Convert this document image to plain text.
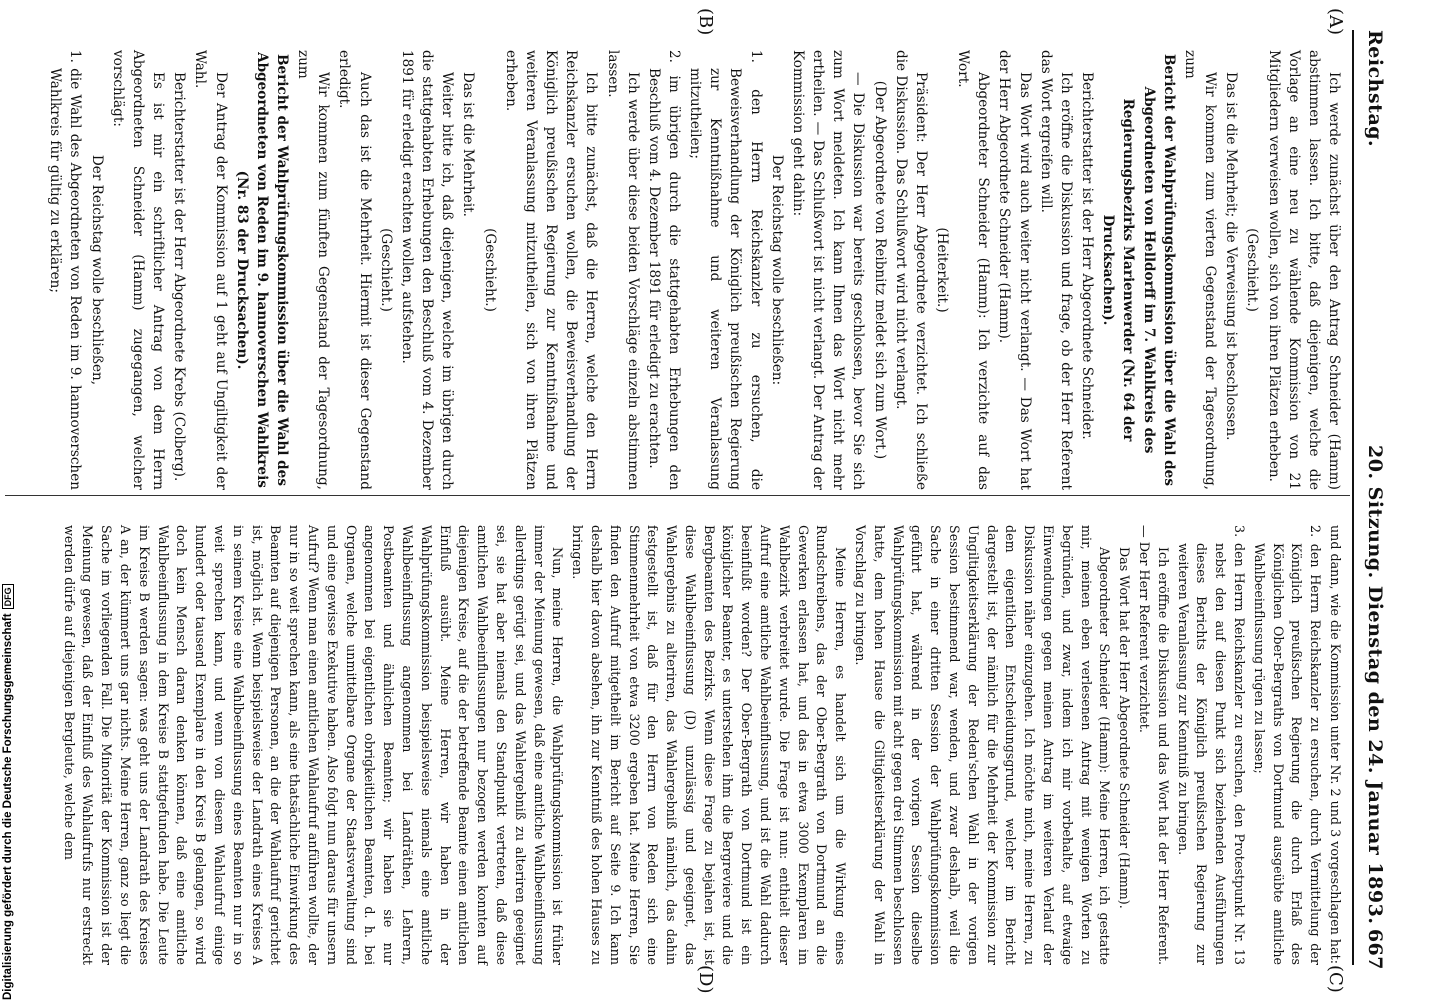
Reichstag.
20. Sitzung. Dienstag den 24. Januar 1893.
667
(A)
(B)
(C)
(D)

Ich werde zunächst über den Antrag Schneider (Hamm) abstimmen lassen. Ich bitte, daß diejenigen, welche die Vorlage an eine neu zu wählende Kommission von 21 Mitgliedern verweisen wollen, sich von ihren Plätzen erheben.

(Geschieht.)

Das ist die Mehrheit; die Verweisung ist beschlossen.

Wir kommen zum vierten Gegenstand der Tagesordnung, zum

Bericht der Wahlprüfungskommission über die Wahl des Abgeordneten von Helldorff im 7. Wahlkreis des Regierungsbezirks Marienwerder (Nr. 64 der Drucksachen).

Berichterstatter ist der Herr Abgeordnete Schneider.

Ich eröffne die Diskussion und frage, ob der Herr Referent das Wort ergreifen will.

Das Wort wird auch weiter nicht verlangt. — Das Wort hat der Herr Abgeordnete Schneider (Hamm).

Abgeordneter Schneider (Hamm): Ich verzichte auf das Wort.

(Heiterkeit.)

Präsident: Der Herr Abgeordnete verzichtet. Ich schließe die Diskussion. Das Schlußwort wird nicht verlangt.

(Der Abgeordnete von Reibnitz meldet sich zum Wort.)

— Die Diskussion war bereits geschlossen, bevor Sie sich zum Wort meldeten. Ich kann Ihnen das Wort nicht mehr ertheilen. — Das Schlußwort ist nicht verlangt. Der Antrag der Kommission geht dahin:

Der Reichstag wolle beschließen:

1. den Herrn Reichskanzler zu ersuchen, die Beweisverhandlung der Königlich preußischen Regierung zur Kenntnißnahme und weiteren Veranlassung mitzutheilen;

2. im übrigen durch die stattgehabten Erhebungen den Beschluß vom 4. Dezember 1891 für erledigt zu erachten.

Ich werde über diese beiden Vorschläge einzeln abstimmen lassen.

Ich bitte zunächst, daß die Herren, welche den Herrn Reichskanzler ersuchen wollen, die Beweisverhandlung der Königlich preußischen Regierung zur Kenntnißnahme und weiteren Veranlassung mitzutheilen, sich von ihren Plätzen erheben.

(Geschieht.)

Das ist die Mehrheit.

Weiter bitte ich, daß diejenigen, welche im übrigen durch die stattgehabten Erhebungen den Beschluß vom 4. Dezember 1891 für erledigt erachten wollen, aufstehen.

(Geschieht.)

Auch das ist die Mehrheit. Hiermit ist dieser Gegenstand erledigt.

Wir kommen zum fünften Gegenstand der Tagesordnung, zum

Bericht der Wahlprüfungskommission über die Wahl des Abgeordneten von Reden im 9. hannoverschen Wahlkreis (Nr. 83 der Drucksachen).

Der Antrag der Kommission auf 1 geht auf Ungiltigkeit der Wahl.

Berichterstatter ist der Herr Abgeordnete Krebs (Colberg).

Es ist mir ein schriftlicher Antrag von dem Herrn Abgeordneten Schneider (Hamm) zugegangen, welcher vorschlägt:

Der Reichstag wolle beschließen,

1. die Wahl des Abgeordneten von Reden im 9. hannoverschen Wahlkreis für gültig zu erklären;

und dann, wie die Kommission unter Nr. 2 und 3 vorgeschlagen hat:

2. den Herrn Reichskanzler zu ersuchen, durch Vermittelung der Königlich preußischen Regierung die durch Erlaß des Königlichen Ober-Bergraths von Dortmund ausgeübte amtliche Wahlbeeinflussung rügen zu lassen;

3. den Herrn Reichskanzler zu ersuchen, den Protestpunkt Nr. 13 nebst den auf diesen Punkt sich beziehenden Ausführungen dieses Berichts der Königlich preußischen Regierung zur weiteren Veranlassung zur Kenntniß zu bringen.

Ich eröffne die Diskussion und das Wort hat der Herr Referent. — Der Herr Referent verzichtet.

Das Wort hat der Herr Abgeordnete Schneider (Hamm).

Abgeordneter Schneider (Hamm): Meine Herren, ich gestatte mir, meinen eben verlesenen Antrag mit wenigen Worten zu begründen, und zwar, indem ich mir vorbehalte, auf etwaige Einwendungen gegen meinen Antrag im weiteren Verlauf der Diskussion näher einzugehen. Ich möchte mich, meine Herren, zu dem eigentlichen Entscheidungsgrund, welcher im Bericht dargestellt ist, der nämlich für die Mehrheit der Kommission zur Ungiltigkeitserklärung der Reden'schen Wahl in der vorigen Session bestimmend war, wenden, und zwar deshalb, weil die Sache in einer dritten Session der Wahlprüfungskommission geführt hat, während in der vorigen Session dieselbe Wahlprüfungskommission mit acht gegen drei Stimmen beschlossen hatte, dem hohen Hause die Giltigkeitserklärung der Wahl in Vorschlag zu bringen.

Meine Herren, es handelt sich um die Wirkung eines Rundschreibens, das der Ober-Bergrath von Dortmund an die Gewerken erlassen hat, und das in etwa 3000 Exemplaren im Wahlbezirk verbreitet wurde. Die Frage ist nun: enthielt dieser Aufruf eine amtliche Wahlbeeinflussung, und ist die Wahl dadurch beeinflußt worden? Der Ober-Bergrath von Dortmund ist ein königlicher Beamter, es unterstehen ihm die Bergreviere und die Bergbeamten des Bezirks. Wenn diese Frage zu bejahen ist, ist diese Wahlbeeinflussung (D) unzulässig und geeignet, das Wahlergebnis zu alteriren, das Wahlergebniß nämlich, das dahin festgestellt ist, daß für den Herrn von Reden sich eine Stimmenmehrheit von etwa 3200 ergeben hat. Meine Herren, Sie finden den Aufruf mitgetheilt im Bericht auf Seite 9. Ich kann deshalb hier davon absehen, ihn zur Kenntniß des hohen Hauses zu bringen.

Nun, meine Herren, die Wahlprüfungskommission ist früher immer der Meinung gewesen, daß eine amtliche Wahlbeeinflussung allerdings gerügt sei, und das Wahlergebniß zu alteriren geeignet sei, sie hat aber niemals den Standpunkt vertreten, daß diese amtlichen Wahlbeeinflussungen nur bezogen werden konnten auf diejenigen Kreise, auf die der betreffende Beamte einen amtlichen Einfluß ausübt. Meine Herren, wir haben in der Wahlprüfungskommission beispielsweise niemals eine amtliche Wahlbeeinflussung angenommen bei Landräthen, Lehrern, Postbeamten und ähnlichen Beamten; wir haben sie nur angenommen bei eigentlichen obrigkeitlichen Beamten, d. h. bei Organen, welche unmittelbare Organe der Staatsverwaltung sind und eine gewisse Exekutive haben. Also folgt nun daraus für unsern Aufruf? Wenn man einen amtlichen Wahlaufruf anführen wollte, der nur in so weit sprechen kann, als eine thatsächliche Einwirkung des Beamten auf diejenigen Personen, an die der Wahlaufruf gerichtet ist, möglich ist. Wenn beispielsweise der Landrath eines Kreises A in seinem Kreise eine Wahlbeeinflussung eines Beamten nur in so weit sprechen kann, und wenn von diesem Wahlaufruf einige hundert oder tausend Exemplare in den Kreis B gelangen, so wird doch kein Mensch daran denken können, daß eine amtliche Wahlbeeinflussung in dem Kreise B stattgefunden habe. Die Leute im Kreise B werden sagen: was geht uns der Landrath des Kreises A an, der kümmert uns gar nichts. Meine Herren, ganz so liegt die Sache im vorliegenden Fall. Die Minorität der Kommission ist der Meinung gewesen, daß der Einfluß des Wahlaufrufs nur erstreckt werden dürfe auf diejenigen Bergleute, welche dem

Digitalisierung gefördert durch die Deutsche ForschungsgemeinschaftDFG
